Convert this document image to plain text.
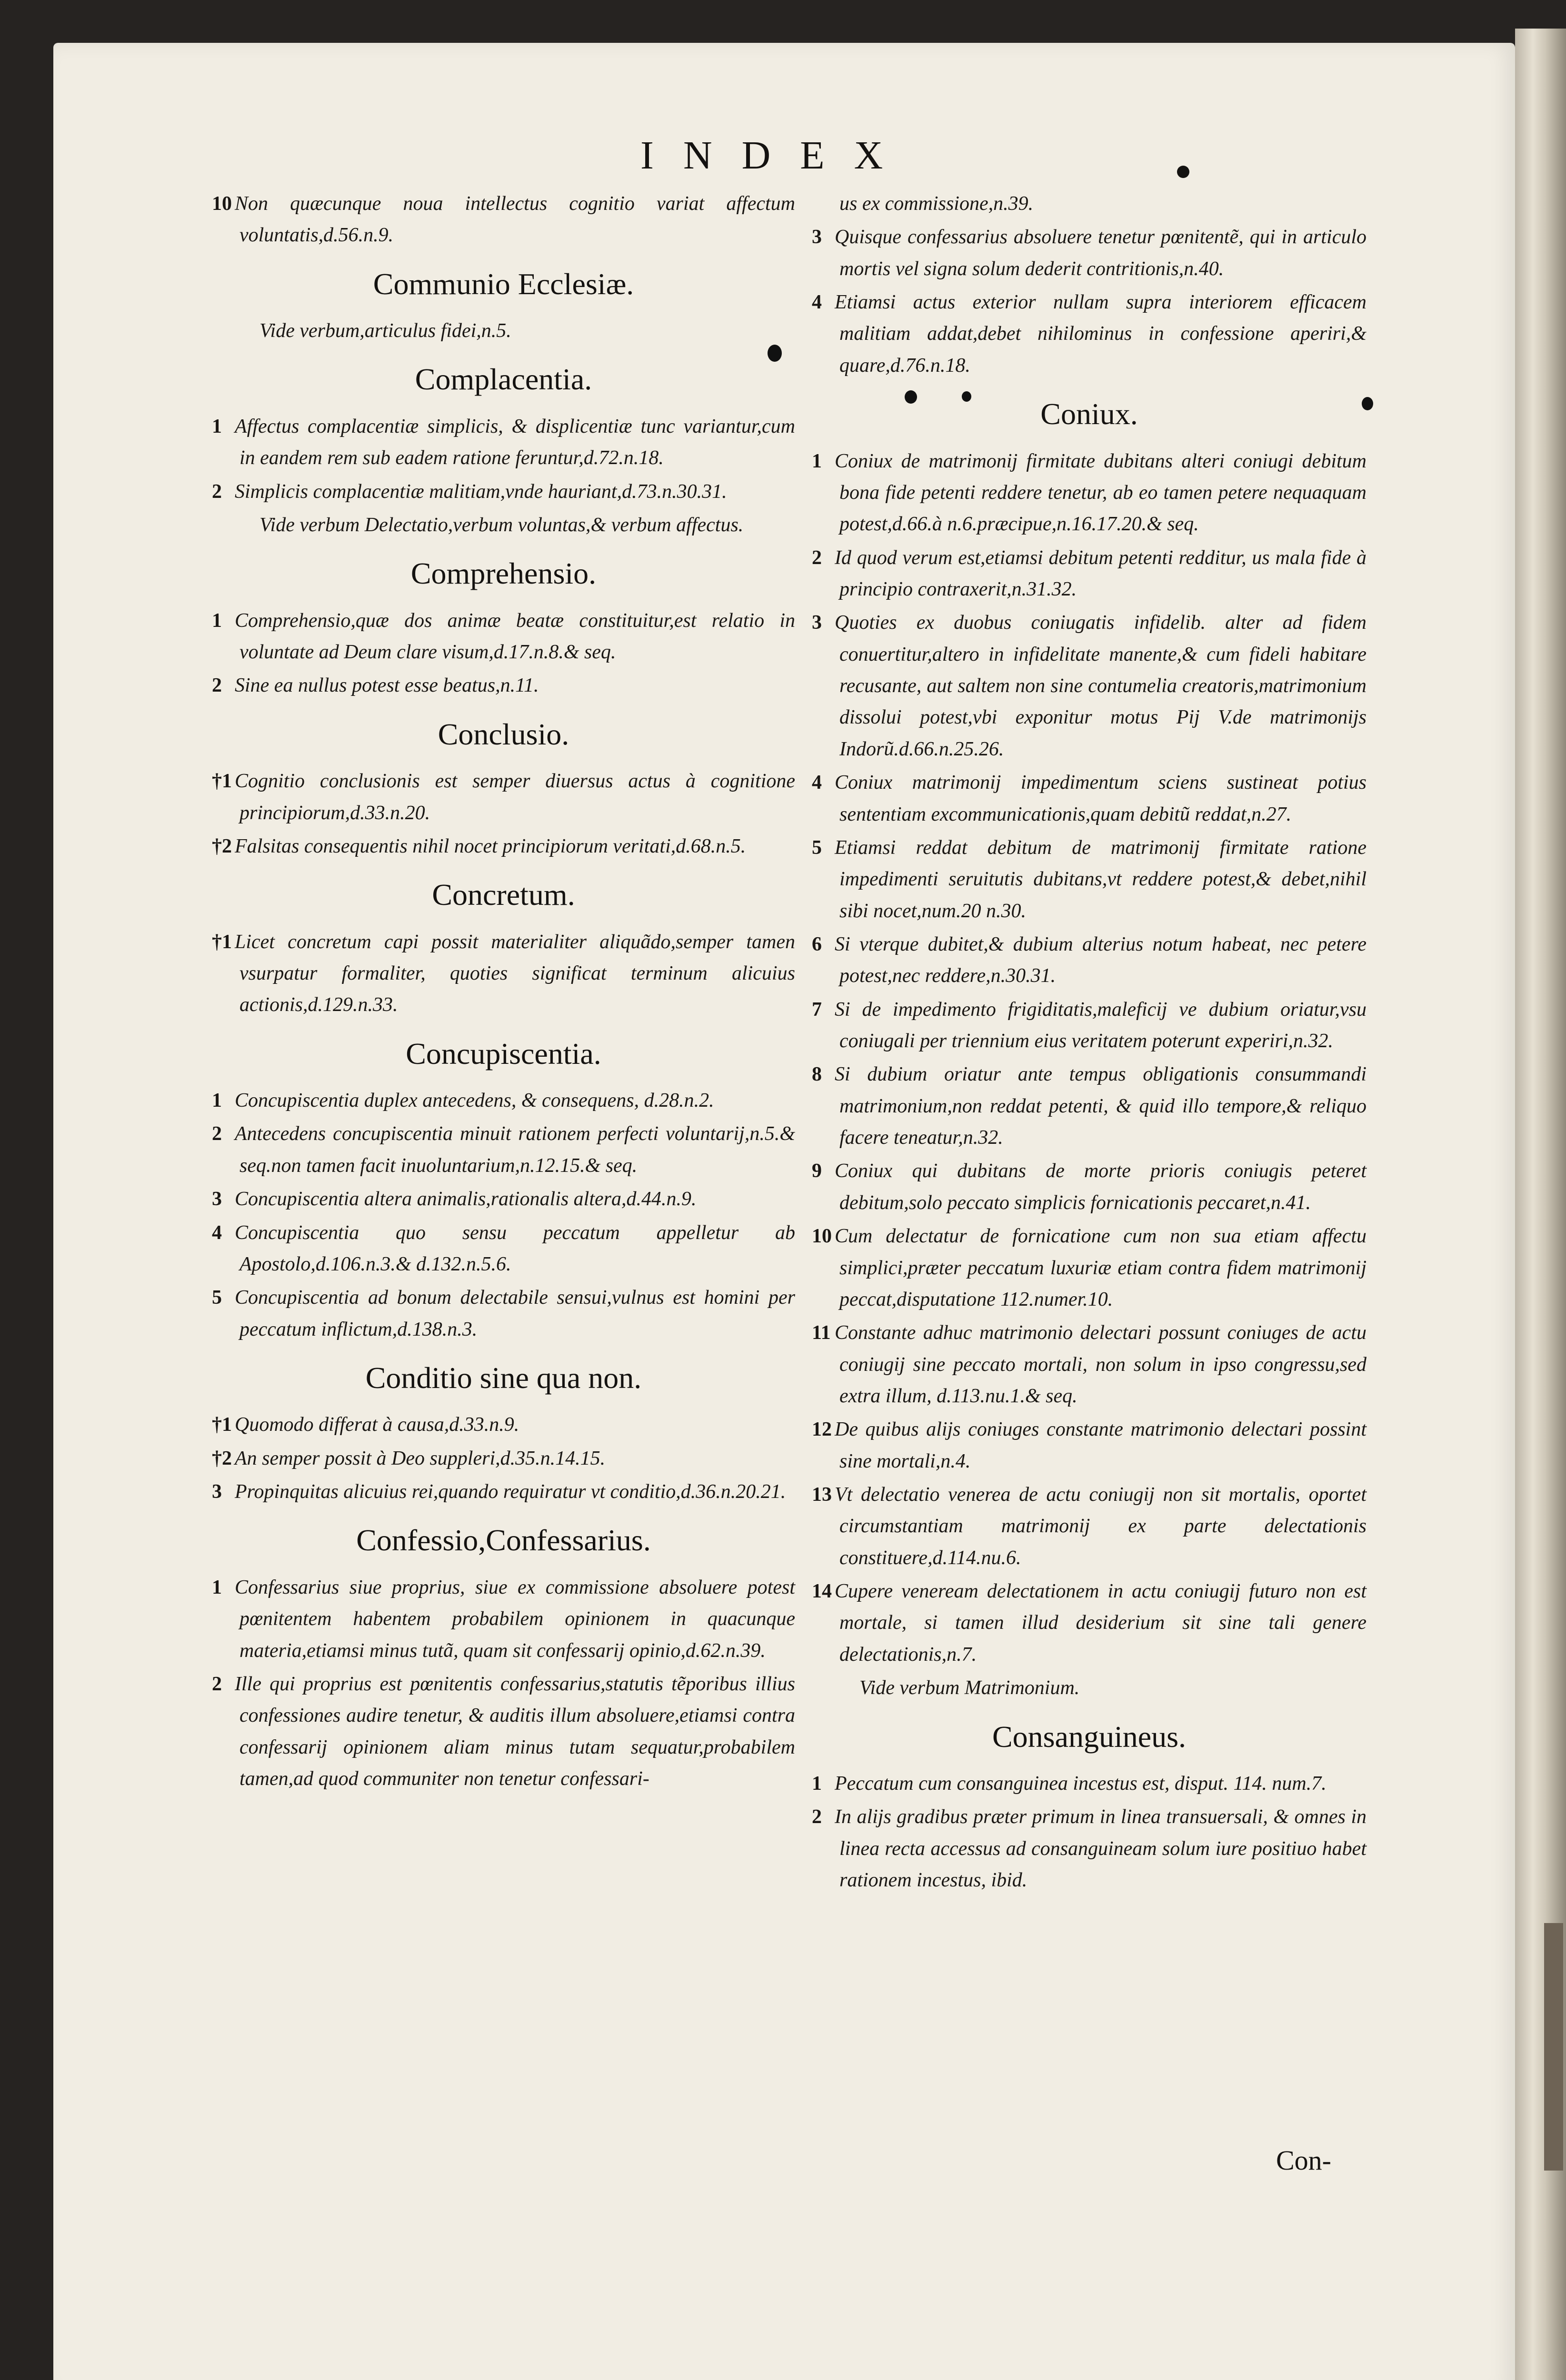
INDEX
10 Non quæcunque noua intellectus cognitio variat affectum voluntatis,d.56.n.9.
Communio Ecclesiæ.
Vide verbum,articulus fidei,n.5.
Complacentia.
1 Affectus complacentiæ simplicis, & displicentiæ tunc variantur,cum in eandem rem sub eadem ratione feruntur,d.72.n.18.
2 Simplicis complacentiæ malitiam,vnde hauriant,d.73.n.30.31.
Vide verbum Delectatio,verbum voluntas,& verbum affectus.
Comprehensio.
1 Comprehensio,quæ dos animæ beatæ constituitur,est relatio in voluntate ad Deum clare visum,d.17.n.8.& seq.
2 Sine ea nullus potest esse beatus,n.11.
Conclusio.
†1 Cognitio conclusionis est semper diuersus actus à cognitione principiorum,d.33.n.20.
†2 Falsitas consequentis nihil nocet principiorum veritati,d.68.n.5.
Concretum.
†1 Licet concretum capi possit materialiter aliquãdo,semper tamen vsurpatur formaliter, quoties significat terminum alicuius actionis,d.129.n.33.
Concupiscentia.
1 Concupiscentia duplex antecedens, & consequens, d.28.n.2.
2 Antecedens concupiscentia minuit rationem perfecti voluntarij,n.5.& seq.non tamen facit inuoluntarium,n.12.15.& seq.
3 Concupiscentia altera animalis,rationalis altera,d.44.n.9.
4 Concupiscentia quo sensu peccatum appelletur ab Apostolo,d.106.n.3.& d.132.n.5.6.
5 Concupiscentia ad bonum delectabile sensui,vulnus est homini per peccatum inflictum,d.138.n.3.
Conditio sine qua non.
†1 Quomodo differat à causa,d.33.n.9.
†2 An semper possit à Deo suppleri,d.35.n.14.15.
3 Propinquitas alicuius rei,quando requiratur vt conditio,d.36.n.20.21.
Confessio,Confessarius.
1 Confessarius siue proprius, siue ex commissione absoluere potest pœnitentem habentem probabilem opinionem in quacunque materia,etiamsi minus tutã, quam sit confessarij opinio,d.62.n.39.
2 Ille qui proprius est pœnitentis confessarius,statutis tẽporibus illius confessiones audire tenetur, & auditis illum absoluere,etiamsi contra confessarij opinionem aliam minus tutam sequatur,probabilem tamen,ad quod communiter non tenetur confessari-
us ex commissione,n.39.
3 Quisque confessarius absoluere tenetur pœnitentẽ, qui in articulo mortis vel signa solum dederit contritionis,n.40.
4 Etiamsi actus exterior nullam supra interiorem efficacem malitiam addat,debet nihilominus in confessione aperiri,& quare,d.76.n.18.
Coniux.
1 Coniux de matrimonij firmitate dubitans alteri coniugi debitum bona fide petenti reddere tenetur, ab eo tamen petere nequaquam potest,d.66.à n.6.præcipue,n.16.17.20.& seq.
2 Id quod verum est,etiamsi debitum petenti redditur, us mala fide à principio contraxerit,n.31.32.
3 Quoties ex duobus coniugatis infidelib. alter ad fidem conuertitur,altero in infidelitate manente,& cum fideli habitare recusante, aut saltem non sine contumelia creatoris,matrimonium dissolui potest,vbi exponitur motus Pij V.de matrimonijs Indorũ.d.66.n.25.26.
4 Coniux matrimonij impedimentum sciens sustineat potius sententiam excommunicationis,quam debitũ reddat,n.27.
5 Etiamsi reddat debitum de matrimonij firmitate ratione impedimenti seruitutis dubitans,vt reddere potest,& debet,nihil sibi nocet,num.20 n.30.
6 Si vterque dubitet,& dubium alterius notum habeat, nec petere potest,nec reddere,n.30.31.
7 Si de impedimento frigiditatis,maleficij ve dubium oriatur,vsu coniugali per triennium eius veritatem poterunt experiri,n.32.
8 Si dubium oriatur ante tempus obligationis consummandi matrimonium,non reddat petenti, & quid illo tempore,& reliquo facere teneatur,n.32.
9 Coniux qui dubitans de morte prioris coniugis peteret debitum,solo peccato simplicis fornicationis peccaret,n.41.
10 Cum delectatur de fornicatione cum non sua etiam affectu simplici,præter peccatum luxuriæ etiam contra fidem matrimonij peccat,disputatione 112.numer.10.
11 Constante adhuc matrimonio delectari possunt coniuges de actu coniugij sine peccato mortali, non solum in ipso congressu,sed extra illum, d.113.nu.1.& seq.
12 De quibus alijs coniuges constante matrimonio delectari possint sine mortali,n.4.
13 Vt delectatio venerea de actu coniugij non sit mortalis, oportet circumstantiam matrimonij ex parte delectationis constituere,d.114.nu.6.
14 Cupere veneream delectationem in actu coniugij futuro non est mortale, si tamen illud desiderium sit sine tali genere delectationis,n.7.
Vide verbum Matrimonium.
Consanguineus.
1 Peccatum cum consanguinea incestus est, disput. 114. num.7.
2 In alijs gradibus præter primum in linea transuersali, & omnes in linea recta accessus ad consanguineam solum iure positiuo habet rationem incestus, ibid.
Con-
